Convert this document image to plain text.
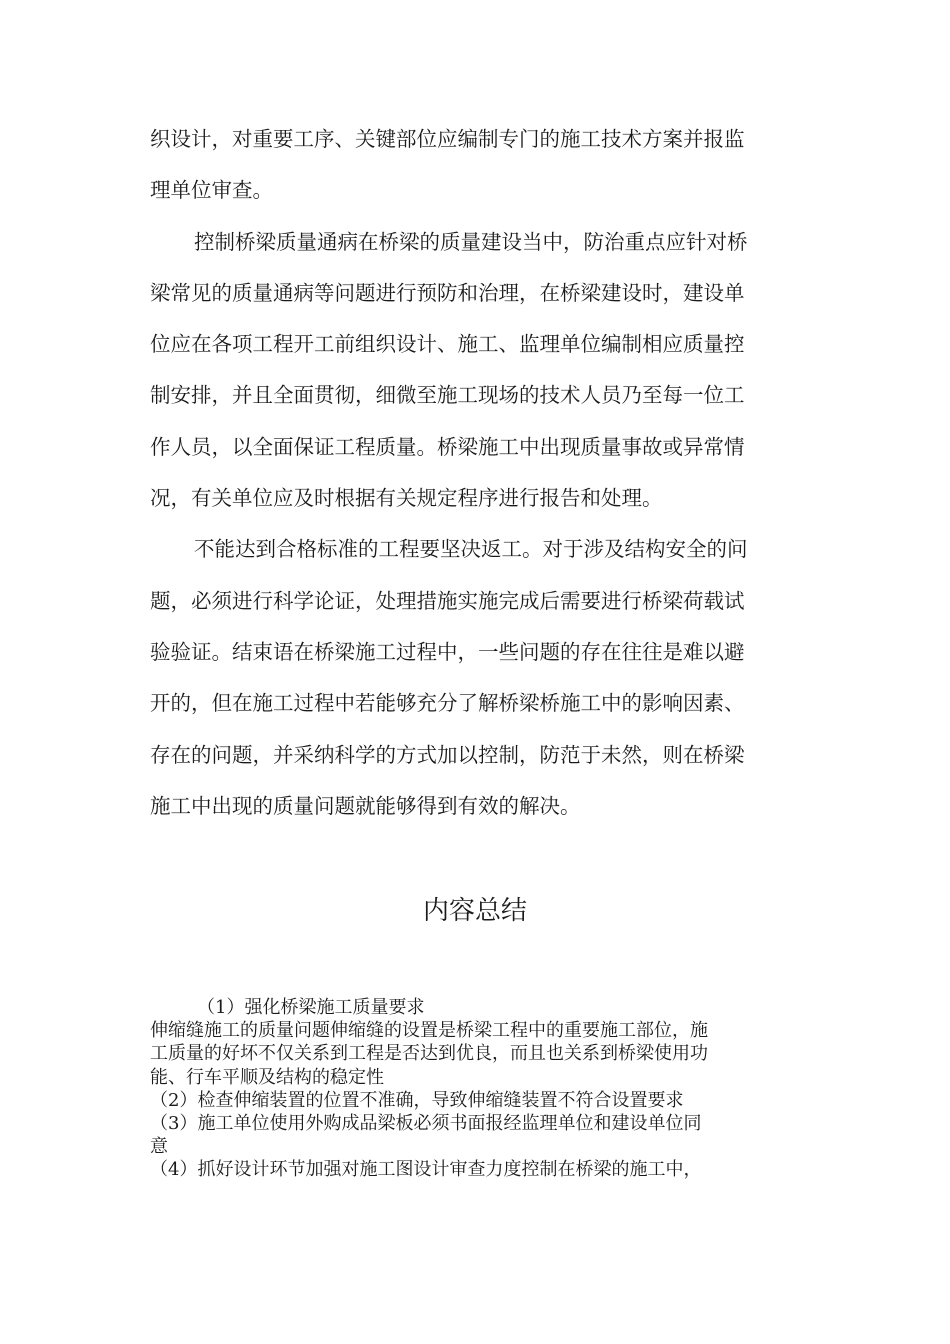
织设计，对重要工序、关键部位应编制专门的施工技术方案并报监
理单位审查。
控制桥梁质量通病在桥梁的质量建设当中，防治重点应针对桥
梁常见的质量通病等问题进行预防和治理，在桥梁建设时，建设单
位应在各项工程开工前组织设计、施工、监理单位编制相应质量控
制安排，并且全面贯彻，细微至施工现场的技术人员乃至每一位工
作人员，以全面保证工程质量。桥梁施工中出现质量事故或异常情
况，有关单位应及时根据有关规定程序进行报告和处理。
不能达到合格标准的工程要坚决返工。对于涉及结构安全的问
题，必须进行科学论证，处理措施实施完成后需要进行桥梁荷载试
验验证。结束语在桥梁施工过程中，一些问题的存在往往是难以避
开的，但在施工过程中若能够充分了解桥梁桥施工中的影响因素、
存在的问题，并采纳科学的方式加以控制，防范于未然，则在桥梁
施工中出现的质量问题就能够得到有效的解决。
内容总结
（1）强化桥梁施工质量要求
伸缩缝施工的质量问题伸缩缝的设置是桥梁工程中的重要施工部位，施
工质量的好坏不仅关系到工程是否达到优良，而且也关系到桥梁使用功
能、行车平顺及结构的稳定性
（2）检查伸缩装置的位置不准确，导致伸缩缝装置不符合设置要求
（3）施工单位使用外购成品梁板必须书面报经监理单位和建设单位同
意
（4）抓好设计环节加强对施工图设计审查力度控制在桥梁的施工中，
